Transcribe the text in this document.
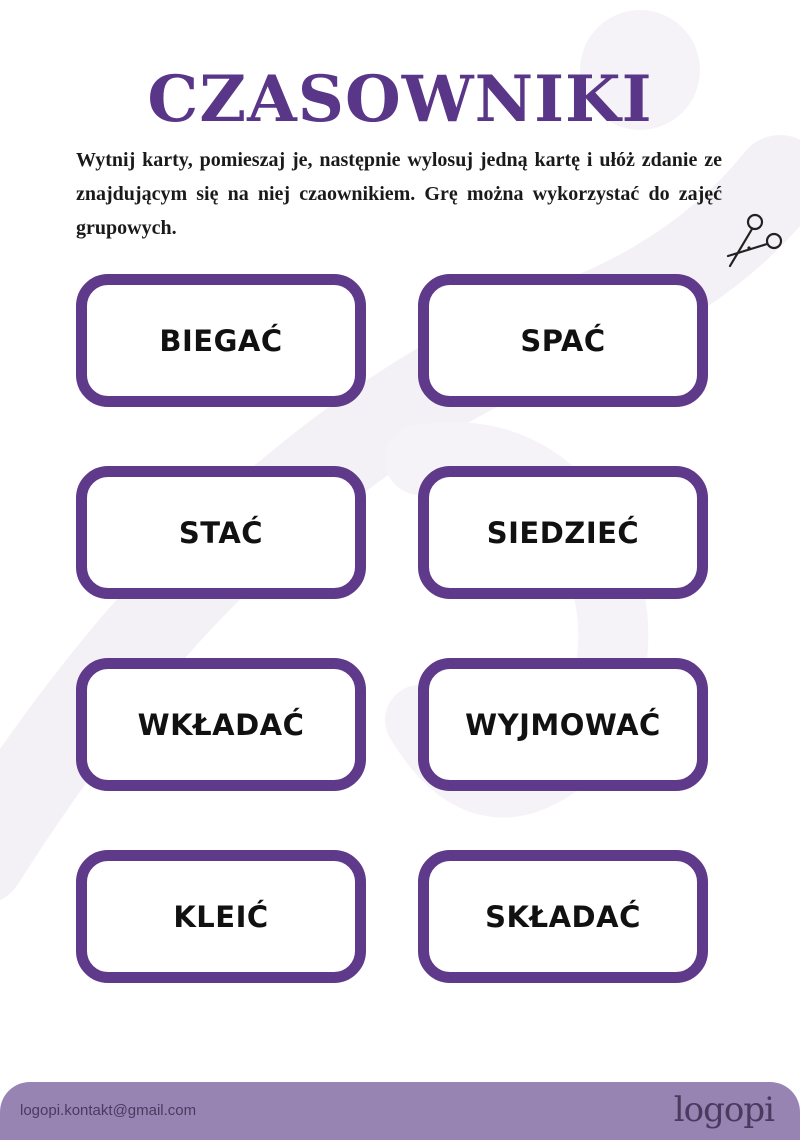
CZASOWNIKI

Wytnij karty, pomieszaj je, następnie wylosuj jedną kartę i ułóż zdanie ze znajdującym się na niej czaownikiem. Grę można wykorzystać do zajęć grupowych.

BIEGAĆ	SPAĆ
STAĆ	SIEDZIEĆ
WKŁADAĆ	WYJMOWAĆ
KLEIĆ	SKŁADAĆ
logopi.kontakt@gmail.com	logopi
